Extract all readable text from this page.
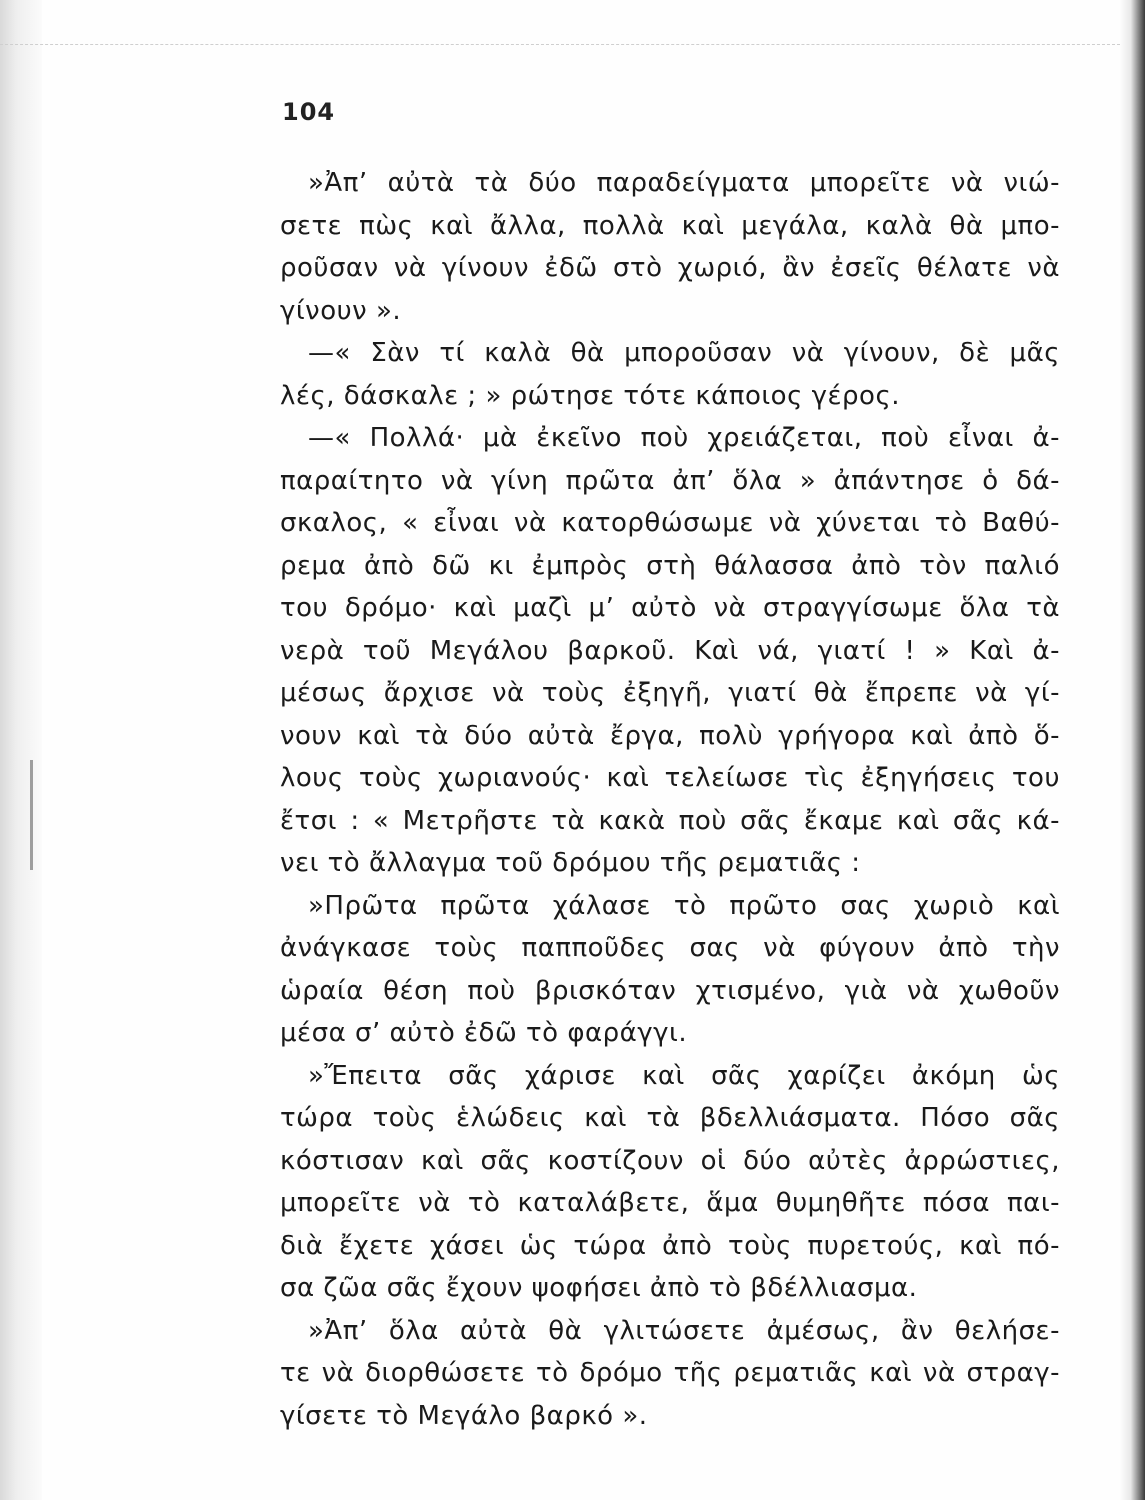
104
»Ἀπ’ αὐτὰ τὰ δύο παραδείγματα μπορεῖτε νὰ νιώ-
σετε πὼς καὶ ἄλλα, πολλὰ καὶ μεγάλα, καλὰ θὰ μπο-
ροῦσαν νὰ γίνουν ἐδῶ στὸ χωριό, ἂν ἐσεῖς θέλατε νὰ
γίνουν ».
—« Σὰν τί καλὰ θὰ μποροῦσαν νὰ γίνουν, δὲ μᾶς
λές, δάσκαλε ; » ρώτησε τότε κάποιος γέρος.
—« Πολλά· μὰ ἐκεῖνο ποὺ χρειάζεται, ποὺ εἶναι ἀ-
παραίτητο νὰ γίνη πρῶτα ἀπ’ ὅλα » ἀπάντησε ὁ δά-
σκαλος, « εἶναι νὰ κατορθώσωμε νὰ χύνεται τὸ Βαθύ-
ρεμα ἀπὸ δῶ κι ἐμπρὸς στὴ θάλασσα ἀπὸ τὸν παλιό
του δρόμο· καὶ μαζὶ μ’ αὐτὸ νὰ στραγγίσωμε ὅλα τὰ
νερὰ τοῦ Μεγάλου βαρκοῦ. Καὶ νά, γιατί ! » Καὶ ἀ-
μέσως ἄρχισε νὰ τοὺς ἐξηγῆ, γιατί θὰ ἔπρεπε νὰ γί-
νουν καὶ τὰ δύο αὐτὰ ἔργα, πολὺ γρήγορα καὶ ἀπὸ ὅ-
λους τοὺς χωριανούς· καὶ τελείωσε τὶς ἐξηγήσεις του
ἔτσι : « Μετρῆστε τὰ κακὰ ποὺ σᾶς ἔκαμε καὶ σᾶς κά-
νει τὸ ἄλλαγμα τοῦ δρόμου τῆς ρεματιᾶς :
»Πρῶτα πρῶτα χάλασε τὸ πρῶτο σας χωριὸ καὶ
ἀνάγκασε τοὺς παπποῦδες σας νὰ φύγουν ἀπὸ τὴν
ὡραία θέση ποὺ βρισκόταν χτισμένο, γιὰ νὰ χωθοῦν
μέσα σ’ αὐτὸ ἐδῶ τὸ φαράγγι.
»Ἔπειτα σᾶς χάρισε καὶ σᾶς χαρίζει ἀκόμη ὡς
τώρα τοὺς ἑλώδεις καὶ τὰ βδελλιάσματα. Πόσο σᾶς
κόστισαν καὶ σᾶς κοστίζουν οἱ δύο αὐτὲς ἀρρώστιες,
μπορεῖτε νὰ τὸ καταλάβετε, ἅμα θυμηθῆτε πόσα παι-
διὰ ἔχετε χάσει ὡς τώρα ἀπὸ τοὺς πυρετούς, καὶ πό-
σα ζῶα σᾶς ἔχουν ψοφήσει ἀπὸ τὸ βδέλλιασμα.
»Ἀπ’ ὅλα αὐτὰ θὰ γλιτώσετε ἀμέσως, ἂν θελήσε-
τε νὰ διορθώσετε τὸ δρόμο τῆς ρεματιᾶς καὶ νὰ στραγ-
γίσετε τὸ Μεγάλο βαρκό ».
